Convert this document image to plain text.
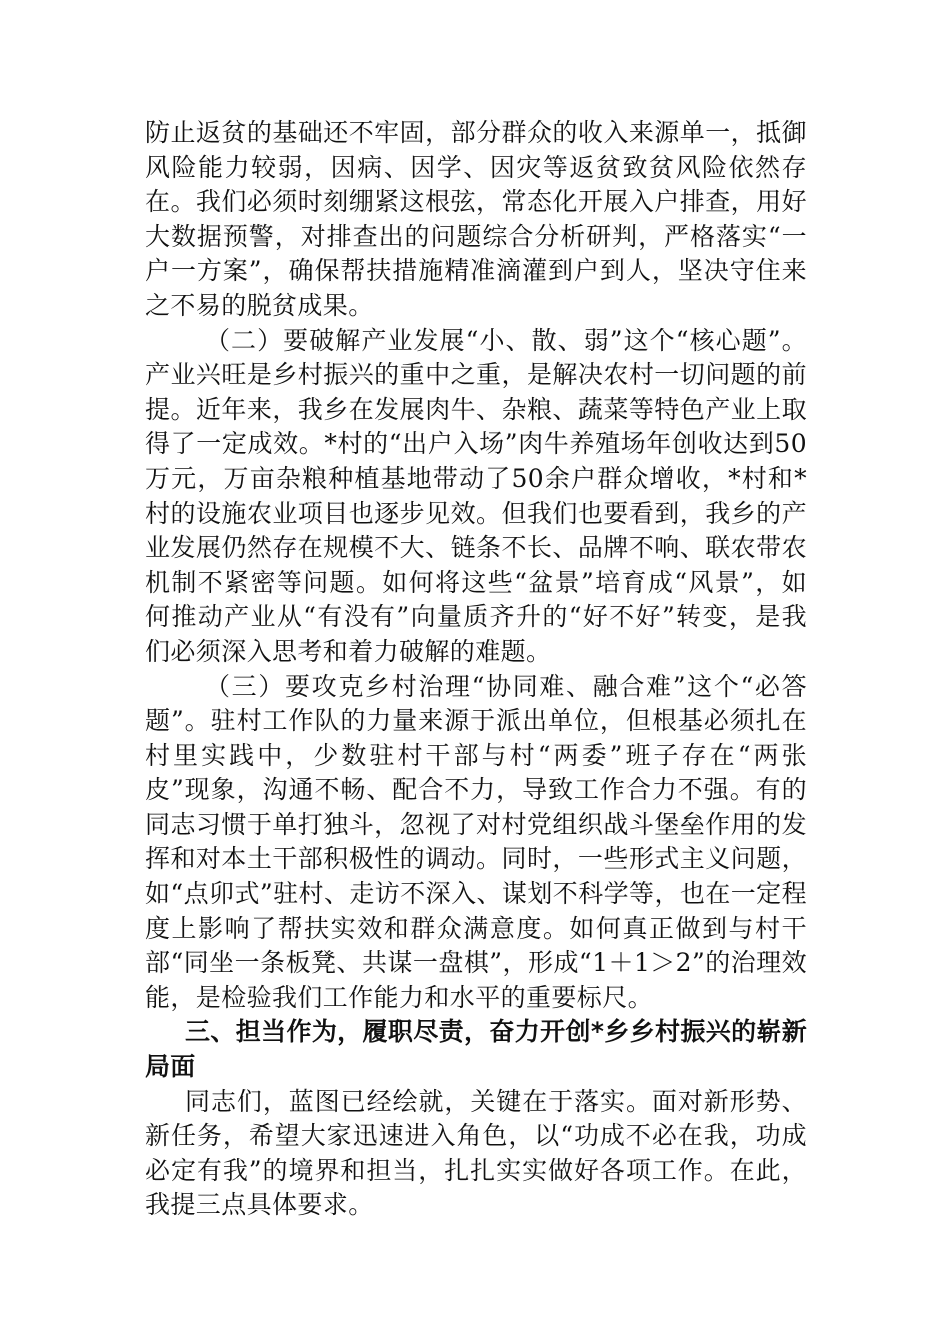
防止返贫的基础还不牢固，部分群众的收入来源单一，抵御风险能力较弱，因病、因学、因灾等返贫致贫风险依然存在。我们必须时刻绷紧这根弦，常态化开展入户排查，用好大数据预警，对排查出的问题综合分析研判，严格落实“一户一方案”，确保帮扶措施精准滴灌到户到人，坚决守住来之不易的脱贫成果。

（二）要破解产业发展“小、散、弱”这个“核心题”。产业兴旺是乡村振兴的重中之重，是解决农村一切问题的前提。近年来，我乡在发展肉牛、杂粮、蔬菜等特色产业上取得了一定成效。*村的“出户入场”肉牛养殖场年创收达到50万元，万亩杂粮种植基地带动了50余户群众增收，*村和*村的设施农业项目也逐步见效。但我们也要看到，我乡的产业发展仍然存在规模不大、链条不长、品牌不响、联农带农机制不紧密等问题。如何将这些“盆景”培育成“风景”，如何推动产业从“有没有”向量质齐升的“好不好”转变，是我们必须深入思考和着力破解的难题。

（三）要攻克乡村治理“协同难、融合难”这个“必答题”。驻村工作队的力量来源于派出单位，但根基必须扎在村里实践中，少数驻村干部与村“两委”班子存在“两张皮”现象，沟通不畅、配合不力，导致工作合力不强。有的同志习惯于单打独斗，忽视了对村党组织战斗堡垒作用的发挥和对本土干部积极性的调动。同时，一些形式主义问题，如“点卯式”驻村、走访不深入、谋划不科学等，也在一定程度上影响了帮扶实效和群众满意度。如何真正做到与村干部“同坐一条板凳、共谋一盘棋”，形成“1＋1＞2”的治理效能，是检验我们工作能力和水平的重要标尺。

三、担当作为，履职尽责，奋力开创*乡乡村振兴的崭新局面

同志们，蓝图已经绘就，关键在于落实。面对新形势、新任务，希望大家迅速进入角色，以“功成不必在我，功成必定有我”的境界和担当，扎扎实实做好各项工作。在此，我提三点具体要求。
